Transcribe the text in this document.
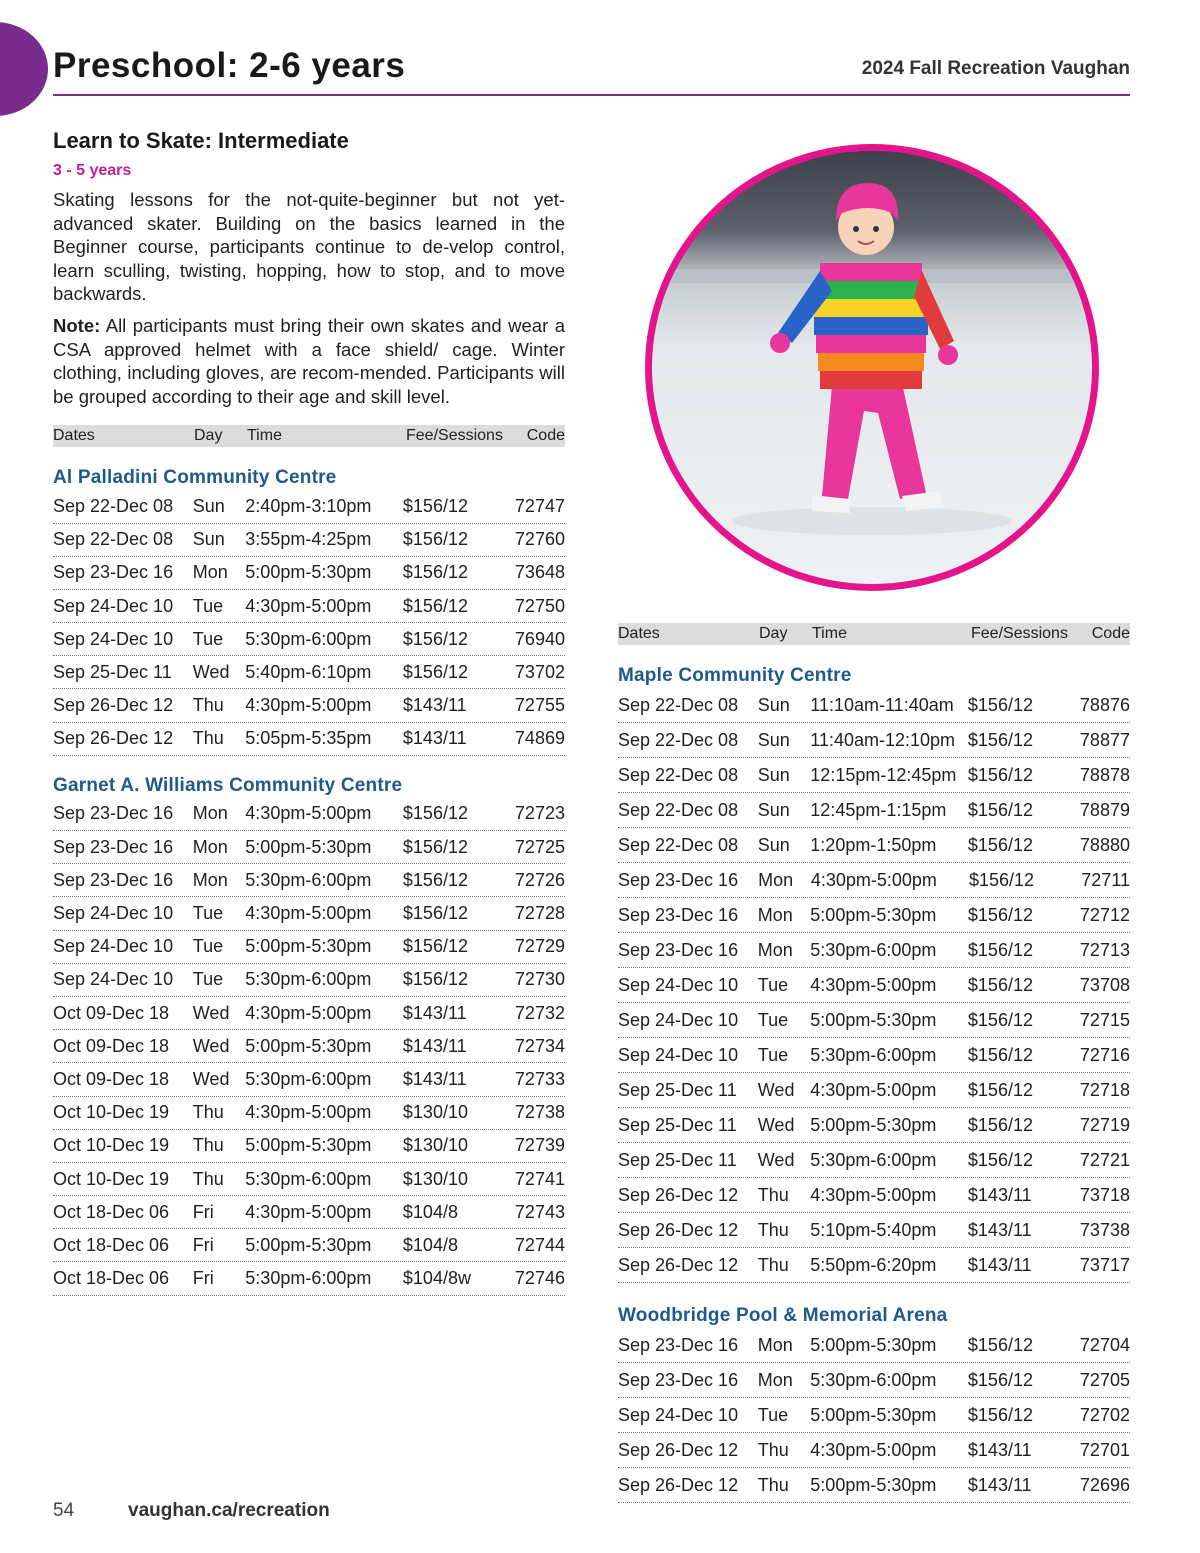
Preschool: 2-6 years	2024 Fall Recreation Vaughan
Learn to Skate: Intermediate
3 - 5 years

Skating lessons for the not-quite-beginner but not yet-advanced skater. Building on the basics learned in the Beginner course, participants continue to de-velop control, learn sculling, twisting, hopping, how to stop, and to move backwards.

Note: All participants must bring their own skates and wear a CSA approved helmet with a face shield/ cage. Winter clothing, including gloves, are recom-mended. Participants will be grouped according to their age and skill level.

Dates	Day	Time	Fee/Sessions	Code
Al Palladini Community Centre
Sep 22-Dec 08	Sun	2:40pm-3:10pm	$156/12	72747
Sep 22-Dec 08	Sun	3:55pm-4:25pm	$156/12	72760
Sep 23-Dec 16	Mon 5:00pm-5:30pm	$156/12	73648
Sep 24-Dec 10	Tue	4:30pm-5:00pm	$156/12	72750
Sep 24-Dec 10	Tue	5:30pm-6:00pm	$156/12	76940
Sep 25-Dec 11	Wed 5:40pm-6:10pm	$156/12	73702
Sep 26-Dec 12	Thu	4:30pm-5:00pm	$143/11	72755
Sep 26-Dec 12	Thu	5:05pm-5:35pm	$143/11	74869
Garnet A. Williams Community Centre
Sep 23-Dec 16	Mon 4:30pm-5:00pm	$156/12	72723
Sep 23-Dec 16	Mon 5:00pm-5:30pm	$156/12	72725
Sep 23-Dec 16	Mon 5:30pm-6:00pm	$156/12	72726
Sep 24-Dec 10	Tue	4:30pm-5:00pm	$156/12	72728
Sep 24-Dec 10	Tue	5:00pm-5:30pm	$156/12	72729
Sep 24-Dec 10	Tue	5:30pm-6:00pm	$156/12	72730
Oct 09-Dec 18	Wed 4:30pm-5:00pm	$143/11	72732
Oct 09-Dec 18	Wed 5:00pm-5:30pm	$143/11	72734
Oct 09-Dec 18	Wed 5:30pm-6:00pm	$143/11	72733
Oct 10-Dec 19	Thu	4:30pm-5:00pm	$130/10	72738
Oct 10-Dec 19	Thu	5:00pm-5:30pm	$130/10	72739
Oct 10-Dec 19	Thu	5:30pm-6:00pm	$130/10	72741
Oct 18-Dec 06	Fri	4:30pm-5:00pm	$104/8	72743
Oct 18-Dec 06	Fri	5:00pm-5:30pm	$104/8	72744
Oct 18-Dec 06	Fri	5:30pm-6:00pm	$104/8w	72746
Dates	Day	Time	Fee/Sessions	Code
Maple Community Centre
Sep 22-Dec 08	Sun	11:10am-11:40am $156/12	78876
Sep 22-Dec 08	Sun	11:40am-12:10pm $156/12	78877
Sep 22-Dec 08	Sun	12:15pm-12:45pm $156/12	78878
Sep 22-Dec 08	Sun	12:45pm-1:15pm	$156/12	78879
Sep 22-Dec 08	Sun	1:20pm-1:50pm	$156/12	78880
Sep 23-Dec 16	Mon 4:30pm-5:00pm	$156/12	72711
Sep 23-Dec 16	Mon 5:00pm-5:30pm	$156/12	72712
Sep 23-Dec 16	Mon 5:30pm-6:00pm	$156/12	72713
Sep 24-Dec 10	Tue	4:30pm-5:00pm	$156/12	73708
Sep 24-Dec 10	Tue	5:00pm-5:30pm	$156/12	72715
Sep 24-Dec 10	Tue	5:30pm-6:00pm	$156/12	72716
Sep 25-Dec 11	Wed 4:30pm-5:00pm	$156/12	72718
Sep 25-Dec 11	Wed 5:00pm-5:30pm	$156/12	72719
Sep 25-Dec 11	Wed 5:30pm-6:00pm	$156/12	72721
Sep 26-Dec 12	Thu	4:30pm-5:00pm	$143/11	73718
Sep 26-Dec 12	Thu	5:10pm-5:40pm	$143/11	73738
Sep 26-Dec 12	Thu	5:50pm-6:20pm	$143/11	73717
Woodbridge Pool & Memorial Arena
Sep 23-Dec 16	Mon 5:00pm-5:30pm	$156/12	72704
Sep 23-Dec 16	Mon 5:30pm-6:00pm	$156/12	72705
Sep 24-Dec 10	Tue	5:00pm-5:30pm	$156/12	72702
Sep 26-Dec 12	Thu	4:30pm-5:00pm	$143/11	72701
Sep 26-Dec 12	Thu	5:00pm-5:30pm	$143/11	72696
54	vaughan.ca/recreation
